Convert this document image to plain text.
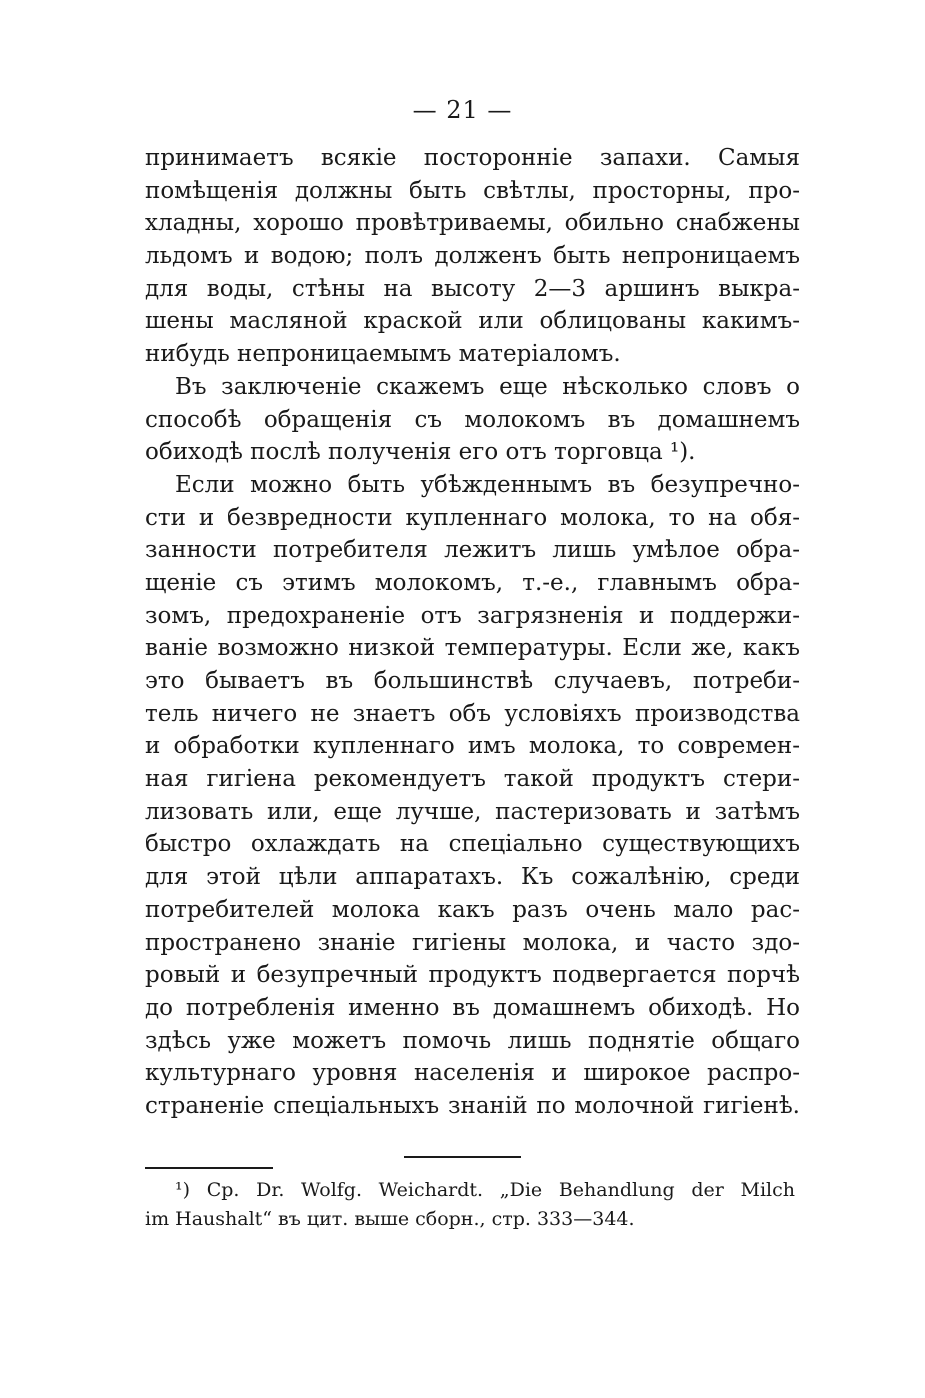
— 21 —
принимаетъ всякіе посторонніе запахи. Самыя
помѣщенія должны быть свѣтлы, просторны, про-
хладны, хорошо провѣтриваемы, обильно снабжены
льдомъ и водою; полъ долженъ быть непроницаемъ
для воды, стѣны на высоту 2—3 аршинъ выкра-
шены масляной краской или облицованы какимъ-
нибудь непроницаемымъ матеріаломъ.
Въ заключеніе скажемъ еще нѣсколько словъ о
способѣ обращенія съ молокомъ въ домашнемъ
обиходѣ послѣ полученія его отъ торговца ¹).
Если можно быть убѣжденнымъ въ безупречно-
сти и безвредности купленнаго молока, то на обя-
занности потребителя лежитъ лишь умѣлое обра-
щеніе съ этимъ молокомъ, т.-е., главнымъ обра-
зомъ, предохраненіе отъ загрязненія и поддержи-
ваніе возможно низкой температуры. Если же, какъ
это бываетъ въ большинствѣ случаевъ, потреби-
тель ничего не знаетъ объ условіяхъ производства
и обработки купленнаго имъ молока, то современ-
ная гигіена рекомендуетъ такой продуктъ стери-
лизовать или, еще лучше, пастеризовать и затѣмъ
быстро охлаждать на спеціально существующихъ
для этой цѣли аппаратахъ. Къ сожалѣнію, среди
потребителей молока какъ разъ очень мало рас-
пространено знаніе гигіены молока, и часто здо-
ровый и безупречный продуктъ подвергается порчѣ
до потребленія именно въ домашнемъ обиходѣ. Но
здѣсь уже можетъ помочь лишь поднятіе общаго
культурнаго уровня населенія и широкое распро-
страненіе спеціальныхъ знаній по молочной гигіенѣ.
¹) Ср. Dr. Wolfg. Weichardt. „Die Behandlung der Milch
im Haushalt“ въ цит. выше сборн., стр. 333—344.
